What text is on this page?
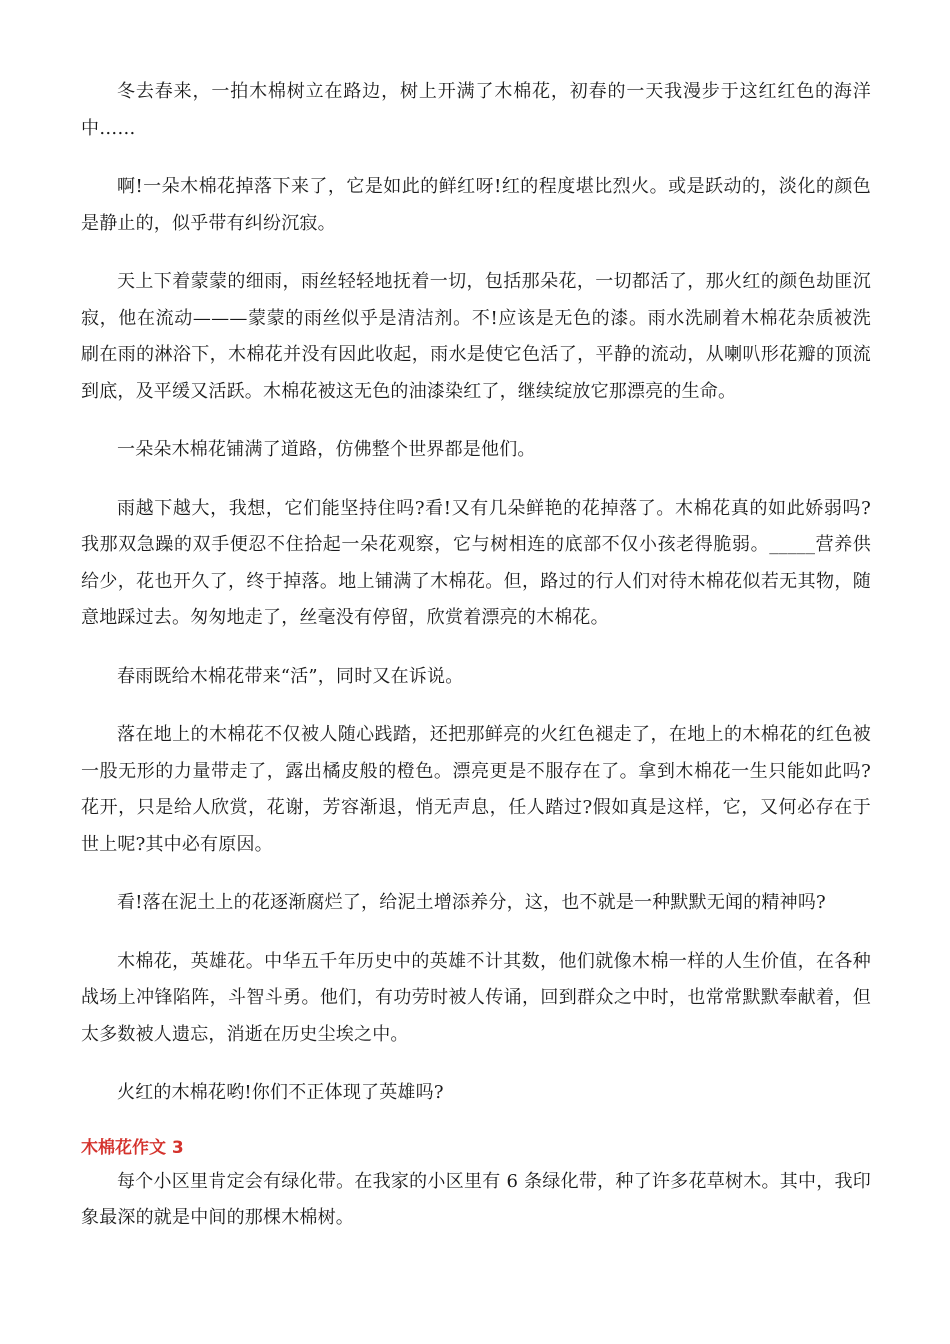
冬去春来，一拍木棉树立在路边，树上开满了木棉花，初春的一天我漫步于这红红色的海洋中……

啊!一朵木棉花掉落下来了，它是如此的鲜红呀!红的程度堪比烈火。或是跃动的，淡化的颜色是静止的，似乎带有纠纷沉寂。

天上下着蒙蒙的细雨，雨丝轻轻地抚着一切，包括那朵花，一切都活了，那火红的颜色劫匪沉寂，他在流动———蒙蒙的雨丝似乎是清洁剂。不!应该是无色的漆。雨水洗刷着木棉花杂质被洗刷在雨的淋浴下，木棉花并没有因此收起，雨水是使它色活了，平静的流动，从喇叭形花瓣的顶流到底，及平缓又活跃。木棉花被这无色的油漆染红了，继续绽放它那漂亮的生命。

一朵朵木棉花铺满了道路，仿佛整个世界都是他们。

雨越下越大，我想，它们能坚持住吗?看!又有几朵鲜艳的花掉落了。木棉花真的如此娇弱吗?我那双急躁的双手便忍不住拾起一朵花观察，它与树相连的底部不仅小孩老得脆弱。_____营养供给少，花也开久了，终于掉落。地上铺满了木棉花。但，路过的行人们对待木棉花似若无其物，随意地踩过去。匆匆地走了，丝毫没有停留，欣赏着漂亮的木棉花。

春雨既给木棉花带来“活”，同时又在诉说。

落在地上的木棉花不仅被人随心践踏，还把那鲜亮的火红色褪走了，在地上的木棉花的红色被一股无形的力量带走了，露出橘皮般的橙色。漂亮更是不服存在了。拿到木棉花一生只能如此吗?花开，只是给人欣赏，花谢，芳容渐退，悄无声息，任人踏过?假如真是这样，它，又何必存在于世上呢?其中必有原因。

看!落在泥土上的花逐渐腐烂了，给泥土增添养分，这，也不就是一种默默无闻的精神吗?

木棉花，英雄花。中华五千年历史中的英雄不计其数，他们就像木棉一样的人生价值，在各种战场上冲锋陷阵，斗智斗勇。他们，有功劳时被人传诵，回到群众之中时，也常常默默奉献着，但太多数被人遗忘，消逝在历史尘埃之中。

火红的木棉花哟!你们不正体现了英雄吗?

木棉花作文 3

每个小区里肯定会有绿化带。在我家的小区里有 6 条绿化带，种了许多花草树木。其中，我印象最深的就是中间的那棵木棉树。
